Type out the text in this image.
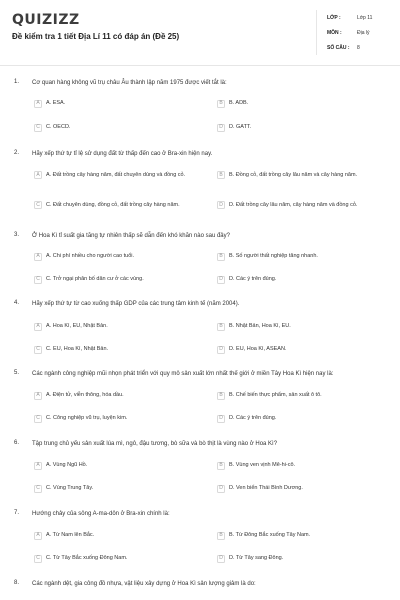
QUIZIZZ
Đề kiểm tra 1 tiết Địa Lí 11 có đáp án (Đề 25)
LỚP :	Lớp 11
MÔN :	Địa lý
SỐ CÂU :	8
1. Cơ quan hàng không vũ trụ châu Âu thành lập năm 1975 được viết tắt là:
A	A. ESA.	B	B. ADB.
C	C. OECD.	D	D. GATT.
2. Hãy xếp thứ tự tỉ lệ sử dụng đất từ thấp đến cao ở Bra-xin hiện nay.
A	A. Đất trồng cây hàng năm, đất chuyên dùng và đồng cỏ.	B	B. Đồng cỏ, đất trồng cây lâu năm và cây hàng năm.
C	C. Đất chuyên dùng, đồng cỏ, đất trồng cây hàng năm.	D	D. Đất trồng cây lâu năm, cây hàng năm và đồng cỏ.
3. Ở Hoa Kì tỉ suất gia tăng tự nhiên thấp sẽ dẫn đến khó khăn nào sau đây?
A	A. Chi phí nhiều cho người cao tuổi.	B	B. Số người thất nghiệp tăng nhanh.
C	C. Trở ngại phân bố dân cư ở các vùng.	D	D. Các ý trên đúng.
4. Hãy xếp thứ tự từ cao xuống thấp GDP của các trung tâm kinh tế (năm 2004).
A	A. Hoa Kì, EU, Nhật Bản.	B	B. Nhật Bản, Hoa Kì, EU.
C	C. EU, Hoa Kì, Nhật Bản.	D	D. EU, Hoa Kì, ASEAN.
5. Các ngành công nghiệp mũi nhọn phát triển với quy mô sản xuất lớn nhất thế giới ở miền Tây Hoa Kì hiện nay là:
A	A. Điện tử, viễn thông, hóa dầu.	B	B. Chế biến thực phẩm, sản xuất ô tô.
C	C. Công nghiệp vũ trụ, luyện kim.	D	D. Các ý trên đúng.
6. Tập trung chủ yếu sản xuất lúa mì, ngô, đậu tương, bò sữa và bò thịt là vùng nào ở Hoa Kì?
A	A. Vùng Ngũ Hồ.	B	B. Vùng ven vịnh Mê-hi-cô.
C	C. Vùng Trung Tây.	D	D. Ven biển Thái Bình Dương.
7. Hướng chảy của sông A-ma-dôn ở Bra-xin chính là:
A	A. Từ Nam lên Bắc.	B	B. Từ Đông Bắc xuống Tây Nam.
C	C. Từ Tây Bắc xuống Đông Nam.	D	D. Từ Tây sang Đông.
8. Các ngành dệt, gia công đồ nhựa, vật liệu xây dựng ở Hoa Kì sản lượng giảm là do:
